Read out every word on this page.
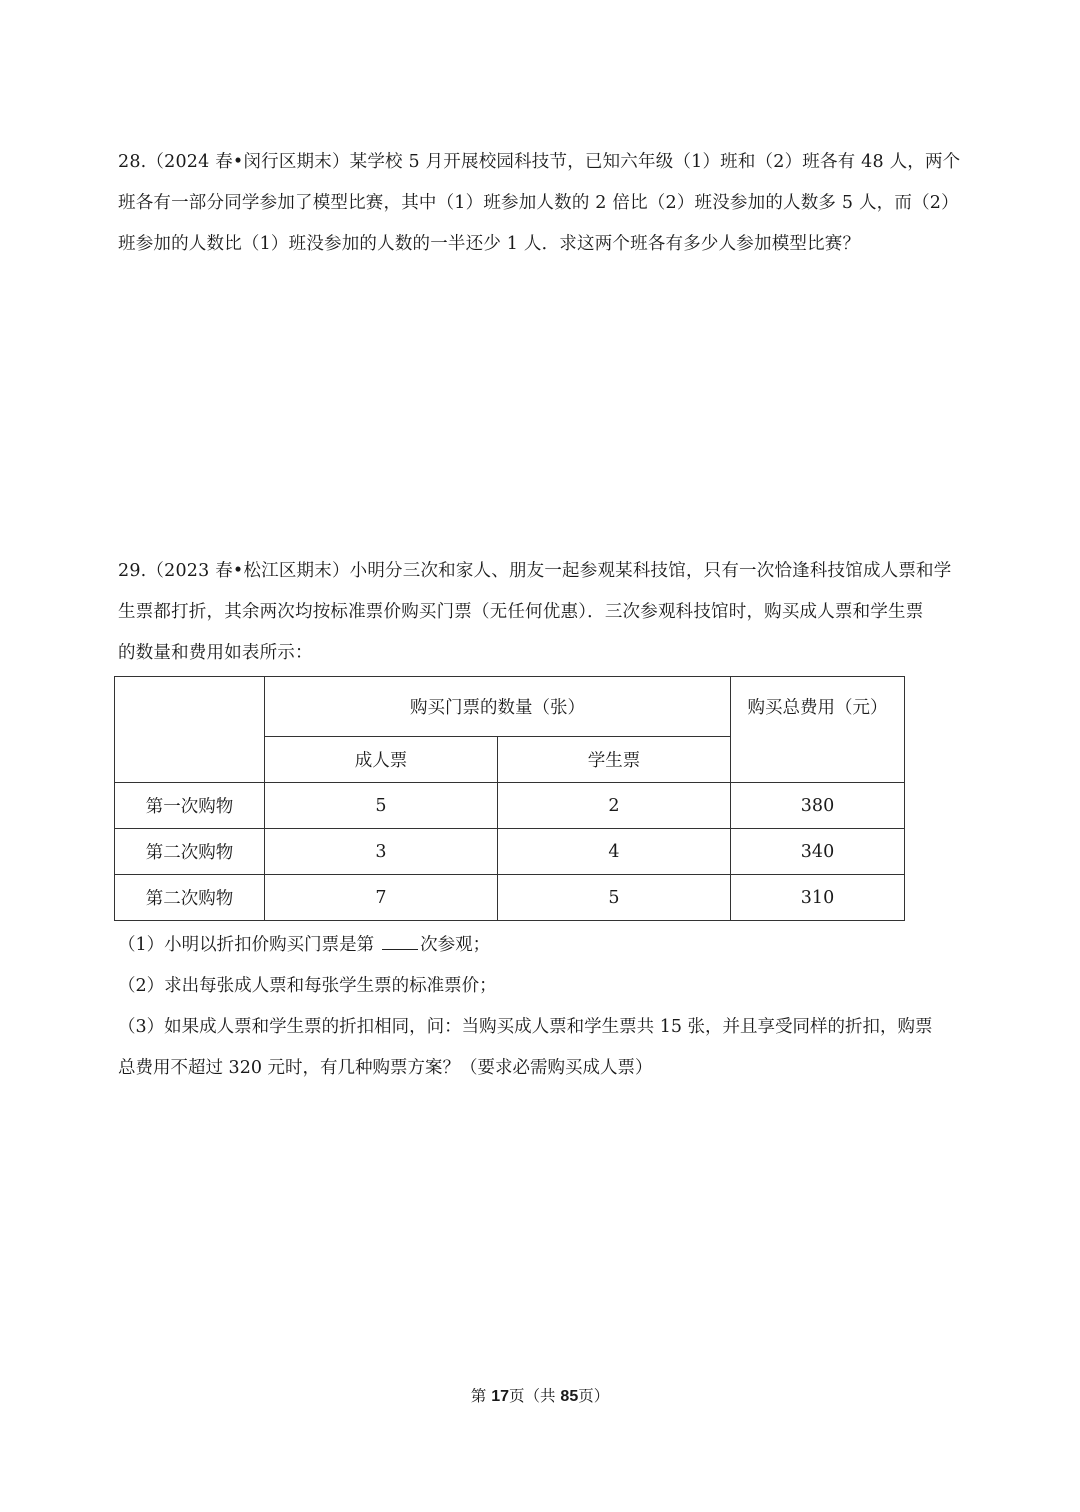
28.（2024 春•闵行区期末）某学校 5 月开展校园科技节，已知六年级（1）班和（2）班各有 48 人，两个
班各有一部分同学参加了模型比赛，其中（1）班参加人数的 2 倍比（2）班没参加的人数多 5 人，而（2）
班参加的人数比（1）班没参加的人数的一半还少 1 人．求这两个班各有多少人参加模型比赛？
29.（2023 春•松江区期末）小明分三次和家人、朋友一起参观某科技馆，只有一次恰逢科技馆成人票和学
生票都打折，其余两次均按标准票价购买门票（无任何优惠）．三次参观科技馆时，购买成人票和学生票
的数量和费用如表所示：
	购买门票的数量（张）		购买总费用（元）
	成人票	学生票	
第一次购物	5	2	380
第二次购物	3	4	340
第二次购物	7	5	310
（1）小明以折扣价购买门票是第	次参观；
（2）求出每张成人票和每张学生票的标准票价；
（3）如果成人票和学生票的折扣相同，问：当购买成人票和学生票共 15 张，并且享受同样的折扣，购票
总费用不超过 320 元时，有几种购票方案？（要求必需购买成人票）
第 17页（共 85页）
